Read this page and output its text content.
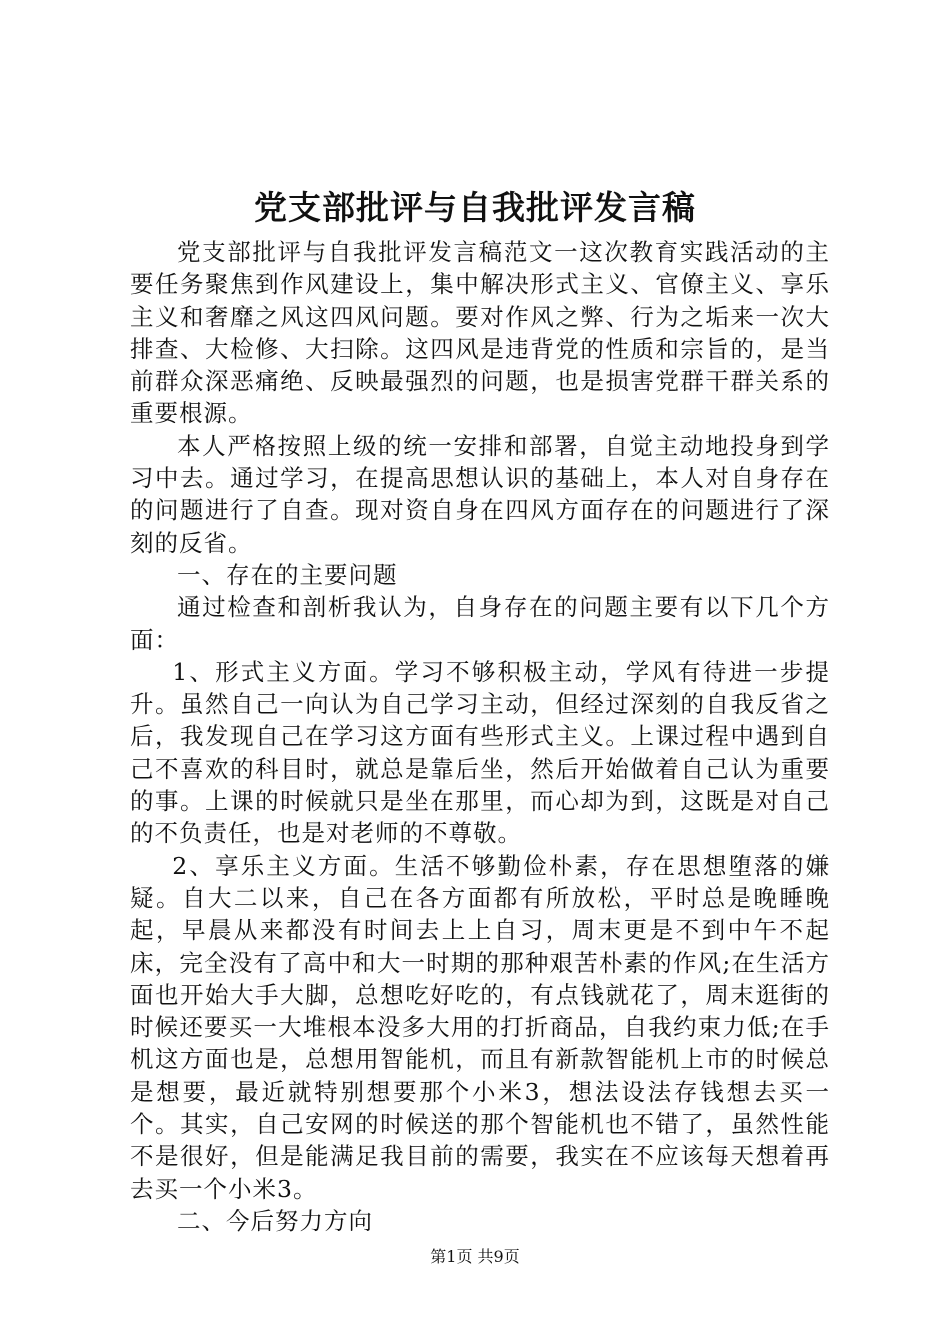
党支部批评与自我批评发言稿

党支部批评与自我批评发言稿范文一这次教育实践活动的主要任务聚焦到作风建设上，集中解决形式主义、官僚主义、享乐主义和奢靡之风这四风问题。要对作风之弊、行为之垢来一次大排查、大检修、大扫除。这四风是违背党的性质和宗旨的，是当前群众深恶痛绝、反映最强烈的问题，也是损害党群干群关系的重要根源。

本人严格按照上级的统一安排和部署，自觉主动地投身到学习中去。通过学习，在提高思想认识的基础上，本人对自身存在的问题进行了自查。现对资自身在四风方面存在的问题进行了深刻的反省。

一、存在的主要问题

通过检查和剖析我认为，自身存在的问题主要有以下几个方面：

1、形式主义方面。学习不够积极主动，学风有待进一步提升。虽然自己一向认为自己学习主动，但经过深刻的自我反省之后，我发现自己在学习这方面有些形式主义。上课过程中遇到自己不喜欢的科目时，就总是靠后坐，然后开始做着自己认为重要的事。上课的时候就只是坐在那里，而心却为到，这既是对自己的不负责任，也是对老师的不尊敬。

2、享乐主义方面。生活不够勤俭朴素，存在思想堕落的嫌疑。自大二以来，自己在各方面都有所放松，平时总是晚睡晚起，早晨从来都没有时间去上上自习，周末更是不到中午不起床，完全没有了高中和大一时期的那种艰苦朴素的作风;在生活方面也开始大手大脚，总想吃好吃的，有点钱就花了，周末逛街的时候还要买一大堆根本没多大用的打折商品，自我约束力低;在手机这方面也是，总想用智能机，而且有新款智能机上市的时候总是想要，最近就特别想要那个小米3，想法设法存钱想去买一个。其实，自己安网的时候送的那个智能机也不错了，虽然性能不是很好，但是能满足我目前的需要，我实在不应该每天想着再去买一个小米3。

二、今后努力方向

第1页 共9页
